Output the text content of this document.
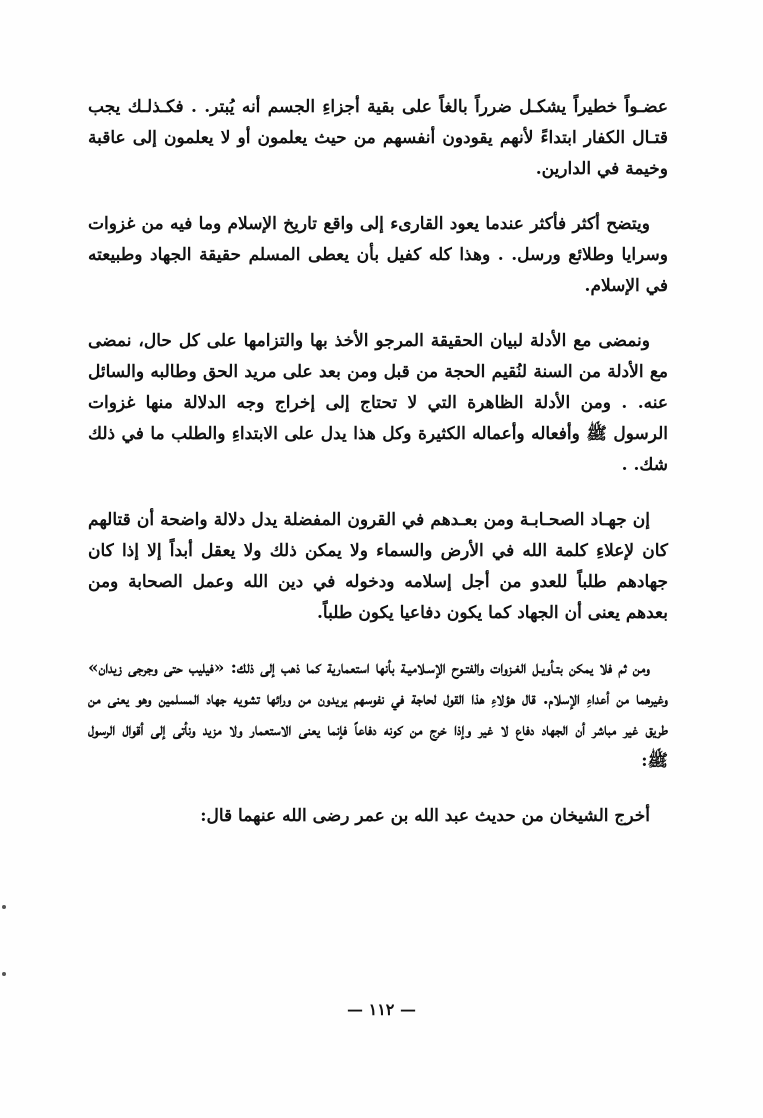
عضـواً خطيراً يشكـل ضرراً بالغاً على بقية أجزاءِ الجسم أنه يُبتر. . فكـذلـك يجب قتـال الكفار ابتداءً لأنهم يقودون أنفسهم من حيث يعلمون أو لا يعلمون إلى عاقبة وخيمة في الدارين.

ويتضح أكثر فأكثر عندما يعود القارىء إلى واقع تاريخ الإسلام وما فيه من غزوات وسرايا وطلائع ورسل. . وهذا كله كفيل بأن يعطى المسلم حقيقة الجهاد وطبيعته في الإسلام.

ونمضى مع الأدلة لبيان الحقيقة المرجو الأخذ بها والتزامها على كل حال، نمضى مع الأدلة من السنة لنُقيم الحجة من قبل ومن بعد على مريد الحق وطالبه والسائل عنه. . ومن الأدلة الظاهرة التي لا تحتاج إلى إخراج وجه الدلالة منها غزوات الرسول ﷺ وأفعاله وأعماله الكثيرة وكل هذا يدل على الابتداءِ والطلب ما في ذلك شك. .

إن جهـاد الصحـابـة ومن بعـدهم في القرون المفضلة يدل دلالة واضحة أن قتالهم كان لإعلاءِ كلمة الله في الأرض والسماء ولا يمكن ذلك ولا يعقل أبداً إلا إذا كان جهادهم طلباً للعدو من أجل إسلامه ودخوله في دين الله وعمل الصحابة ومن بعدهم يعنى أن الجهاد كما يكون دفاعيا يكون طلباً.

ومن ثم فلا يمكن بتـأويـل الغـزوات والفتـوح الإسـلاميـة بأنها استعمارية كما ذهب إلى ذلك: «فيليب حتى وجرجى زيدان» وغيرهما من أعداءِ الإسلام. قال هؤلاءِ هذا القول لحاجة في نفوسهم يريدون من ورائها تشويه جهاد المسلمين وهو يعنى من طريق غير مباشر أن الجهاد دفاع لا غير وإذا خرج من كونه دفاعاً فإنما يعنى الاستعمار ولا مزيد ونأتى إلى أقوال الرسول ﷺ:

أخرج الشيخان من حديث عبد الله بن عمر رضى الله عنهما قال:

— ١١٢ —
